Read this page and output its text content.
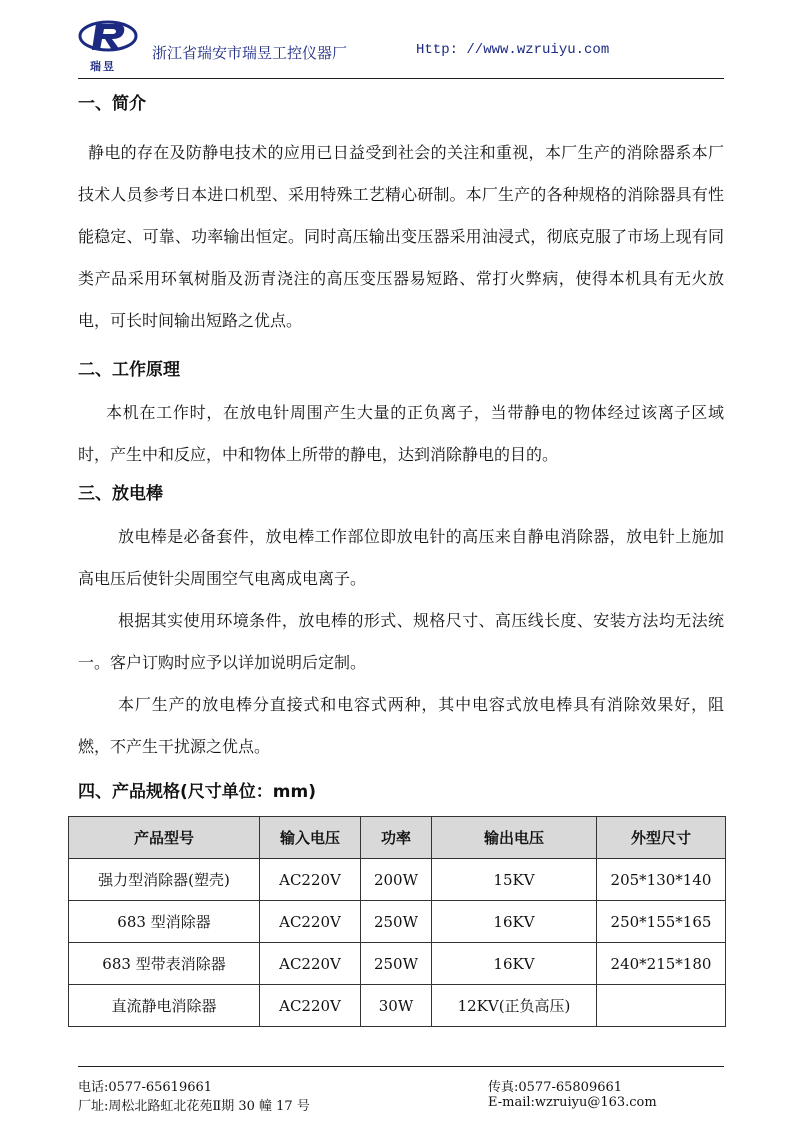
瑞昱
浙江省瑞安市瑞昱工控仪器厂	Http: //www.wzruiyu.com
一、简介

静电的存在及防静电技术的应用已日益受到社会的关注和重视，本厂生产的消除器系本厂技术人员参考日本进口机型、采用特殊工艺精心研制。本厂生产的各种规格的消除器具有性能稳定、可靠、功率输出恒定。同时高压输出变压器采用油浸式，彻底克服了市场上现有同类产品采用环氧树脂及沥青浇注的高压变压器易短路、常打火弊病，使得本机具有无火放电，可长时间输出短路之优点。

二、工作原理

本机在工作时，在放电针周围产生大量的正负离子，当带静电的物体经过该离子区域时，产生中和反应，中和物体上所带的静电，达到消除静电的目的。

三、放电棒

放电棒是必备套件，放电棒工作部位即放电针的高压来自静电消除器，放电针上施加高电压后使针尖周围空气电离成电离子。

根据其实使用环境条件，放电棒的形式、规格尺寸、高压线长度、安装方法均无法统一。客户订购时应予以详加说明后定制。

本厂生产的放电棒分直接式和电容式两种，其中电容式放电棒具有消除效果好，阻燃，不产生干扰源之优点。

四、产品规格(尺寸单位：mm)
产品型号	输入电压	功率	输出电压	外型尺寸
强力型消除器(塑壳)	AC220V	200W	15KV	205*130*140
683 型消除器	AC220V	250W	16KV	250*155*165
683 型带表消除器	AC220V	250W	16KV	240*215*180
直流静电消除器	AC220V	30W	12KV(正负高压)	
电话:0577-65619661
厂址:周松北路虹北花苑Ⅱ期 30 幢 17 号
传真:0577-65809661
E-mail:wzruiyu@163.com
